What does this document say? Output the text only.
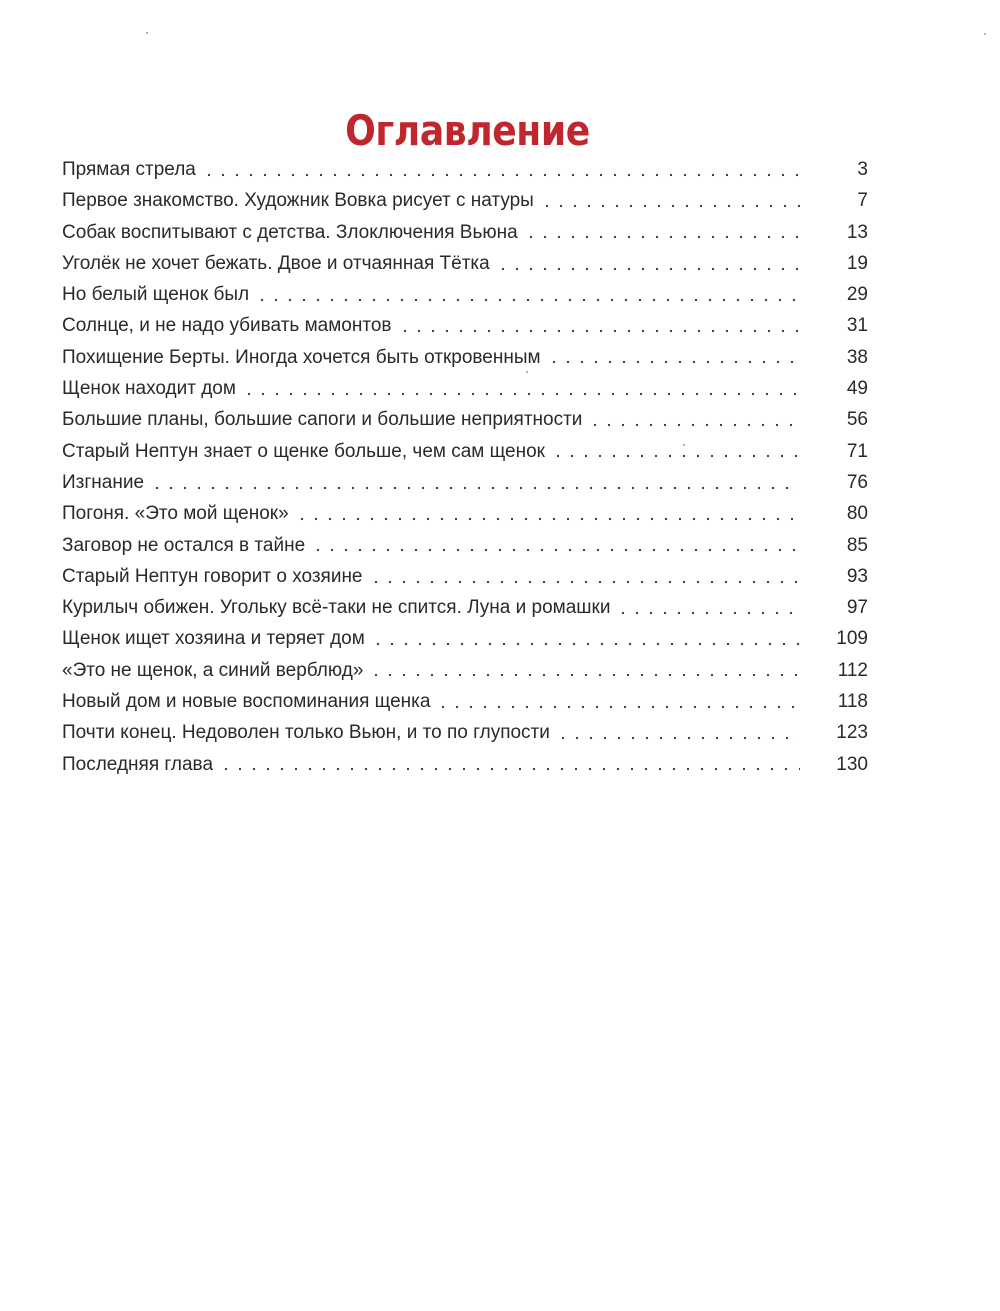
Оглавление
Прямая стрела	3
Первое знакомство. Художник Вовка рисует с натуры	7
Собак воспитывают с детства. Злоключения Вьюна	13
Уголёк не хочет бежать. Двое и отчаянная Тётка	19
Но белый щенок был	29
Солнце, и не надо убивать мамонтов	31
Похищение Берты. Иногда хочется быть откровенным	38
Щенок находит дом	49
Большие планы, большие сапоги и большие неприятности	56
Старый Нептун знает о щенке больше, чем сам щенок	71
Изгнание	76
Погоня. «Это мой щенок»	80
Заговор не остался в тайне	85
Старый Нептун говорит о хозяине	93
Курилыч обижен. Угольку всё-таки не спится. Луна и ромашки	97
Щенок ищет хозяина и теряет дом	109
«Это не щенок, а синий верблюд»	112
Новый дом и новые воспоминания щенка	118
Почти конец. Недоволен только Вьюн, и то по глупости	123
Последняя глава	130
